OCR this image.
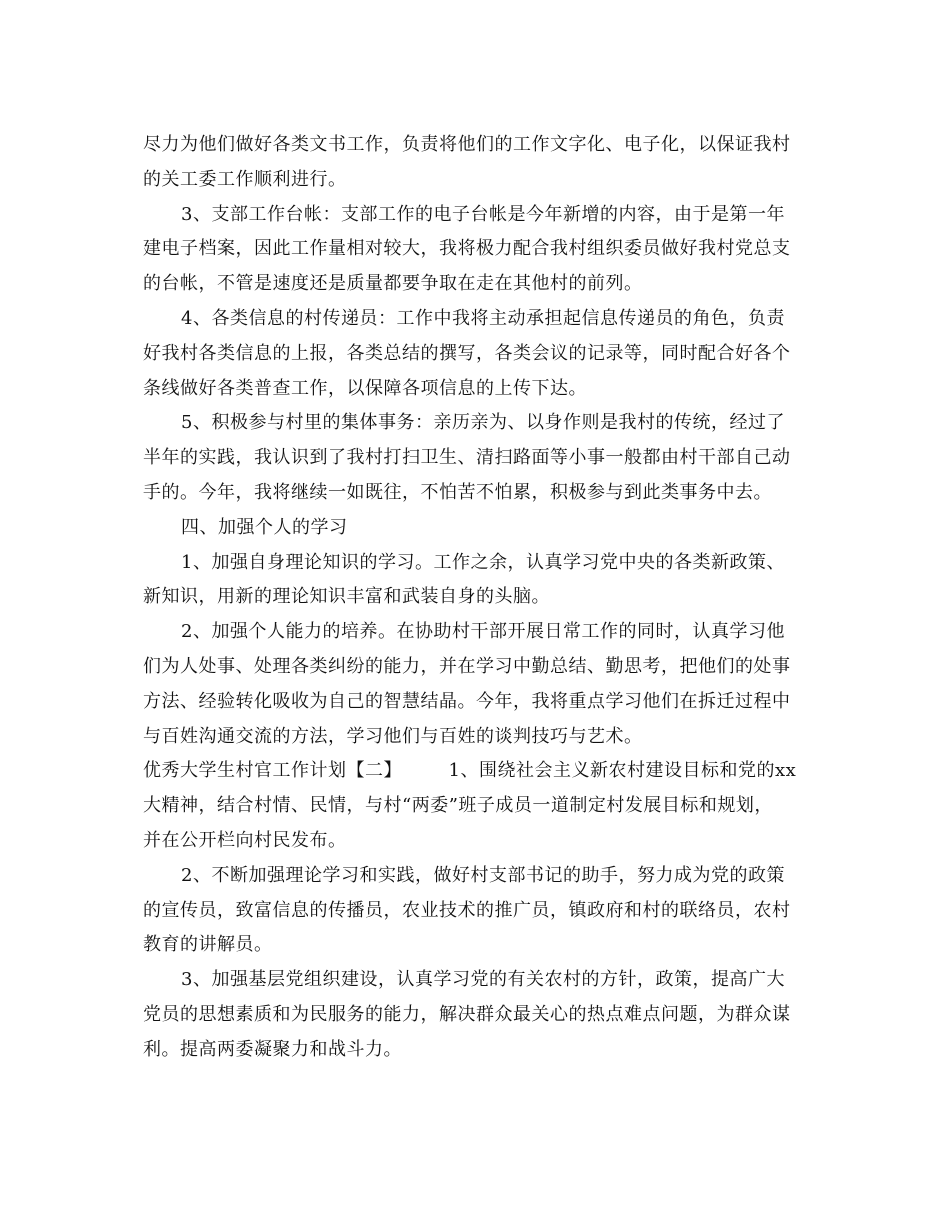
尽力为他们做好各类文书工作，负责将他们的工作文字化、电子化，以保证我村
的关工委工作顺利进行。
3、支部工作台帐：支部工作的电子台帐是今年新增的内容，由于是第一年
建电子档案，因此工作量相对较大，我将极力配合我村组织委员做好我村党总支
的台帐，不管是速度还是质量都要争取在走在其他村的前列。
4、各类信息的村传递员：工作中我将主动承担起信息传递员的角色，负责
好我村各类信息的上报，各类总结的撰写，各类会议的记录等，同时配合好各个
条线做好各类普查工作，以保障各项信息的上传下达。
5、积极参与村里的集体事务：亲历亲为、以身作则是我村的传统，经过了
半年的实践，我认识到了我村打扫卫生、清扫路面等小事一般都由村干部自己动
手的。今年，我将继续一如既往，不怕苦不怕累，积极参与到此类事务中去。
四、加强个人的学习
1、加强自身理论知识的学习。工作之余，认真学习党中央的各类新政策、
新知识，用新的理论知识丰富和武装自身的头脑。
2、加强个人能力的培养。在协助村干部开展日常工作的同时，认真学习他
们为人处事、处理各类纠纷的能力，并在学习中勤总结、勤思考，把他们的处事
方法、经验转化吸收为自己的智慧结晶。今年，我将重点学习他们在拆迁过程中
与百姓沟通交流的方法，学习他们与百姓的谈判技巧与艺术。
优秀大学生村官工作计划【二】　　　1、围绕社会主义新农村建设目标和党的xx
大精神，结合村情、民情，与村“两委”班子成员一道制定村发展目标和规划，
并在公开栏向村民发布。
2、不断加强理论学习和实践，做好村支部书记的助手，努力成为党的政策
的宣传员，致富信息的传播员，农业技术的推广员，镇政府和村的联络员，农村
教育的讲解员。
3、加强基层党组织建设，认真学习党的有关农村的方针，政策，提高广大
党员的思想素质和为民服务的能力，解决群众最关心的热点难点问题，为群众谋
利。提高两委凝聚力和战斗力。
